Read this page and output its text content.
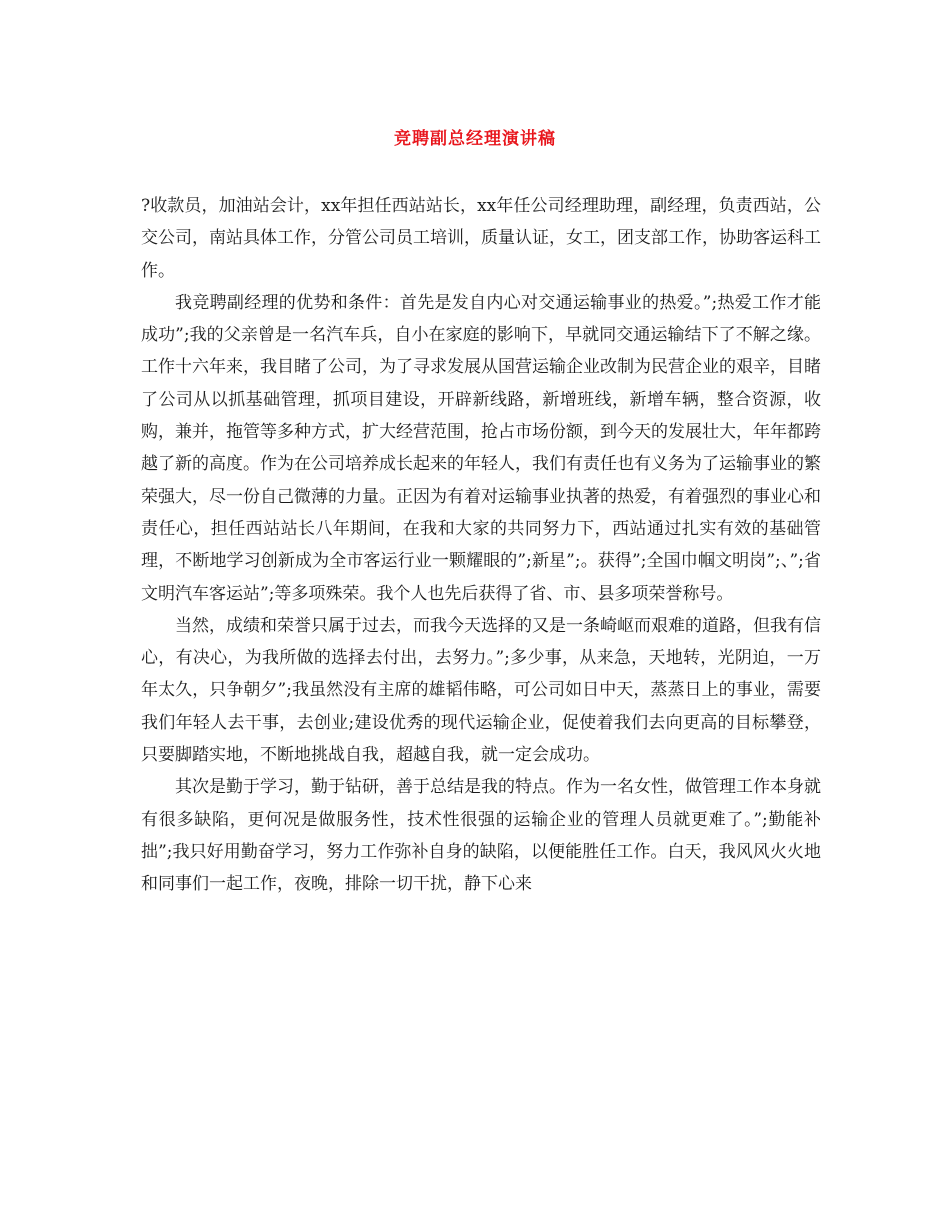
竞聘副总经理演讲稿

?收款员，加油站会计，xx年担任西站站长，xx年任公司经理助理，副经理，负责西站，公交公司，南站具体工作，分管公司员工培训，质量认证，女工，团支部工作，协助客运科工作。

我竞聘副经理的优势和条件：首先是发自内心对交通运输事业的热爱。”;热爱工作才能成功”;我的父亲曾是一名汽车兵，自小在家庭的影响下，早就同交通运输结下了不解之缘。工作十六年来，我目睹了公司，为了寻求发展从国营运输企业改制为民营企业的艰辛，目睹了公司从以抓基础管理，抓项目建设，开辟新线路，新增班线，新增车辆，整合资源，收购，兼并，拖管等多种方式，扩大经营范围，抢占市场份额，到今天的发展壮大，年年都跨越了新的高度。作为在公司培养成长起来的年轻人，我们有责任也有义务为了运输事业的繁荣强大，尽一份自己微薄的力量。正因为有着对运输事业执著的热爱，有着强烈的事业心和责任心，担任西站站长八年期间，在我和大家的共同努力下，西站通过扎实有效的基础管理，不断地学习创新成为全市客运行业一颗耀眼的”;新星”;。获得”;全国巾帼文明岗”;、”;省文明汽车客运站”;等多项殊荣。我个人也先后获得了省、市、县多项荣誉称号。

当然，成绩和荣誉只属于过去，而我今天选择的又是一条崎岖而艰难的道路，但我有信心，有决心，为我所做的选择去付出，去努力。”;多少事，从来急，天地转，光阴迫，一万年太久，只争朝夕”;我虽然没有主席的雄韬伟略，可公司如日中天，蒸蒸日上的事业，需要我们年轻人去干事，去创业;建设优秀的现代运输企业，促使着我们去向更高的目标攀登，只要脚踏实地，不断地挑战自我，超越自我，就一定会成功。

其次是勤于学习，勤于钻研，善于总结是我的特点。作为一名女性，做管理工作本身就有很多缺陷，更何况是做服务性，技术性很强的运输企业的管理人员就更难了。”;勤能补拙”;我只好用勤奋学习，努力工作弥补自身的缺陷，以便能胜任工作。白天，我风风火火地和同事们一起工作，夜晚，排除一切干扰，静下心来
